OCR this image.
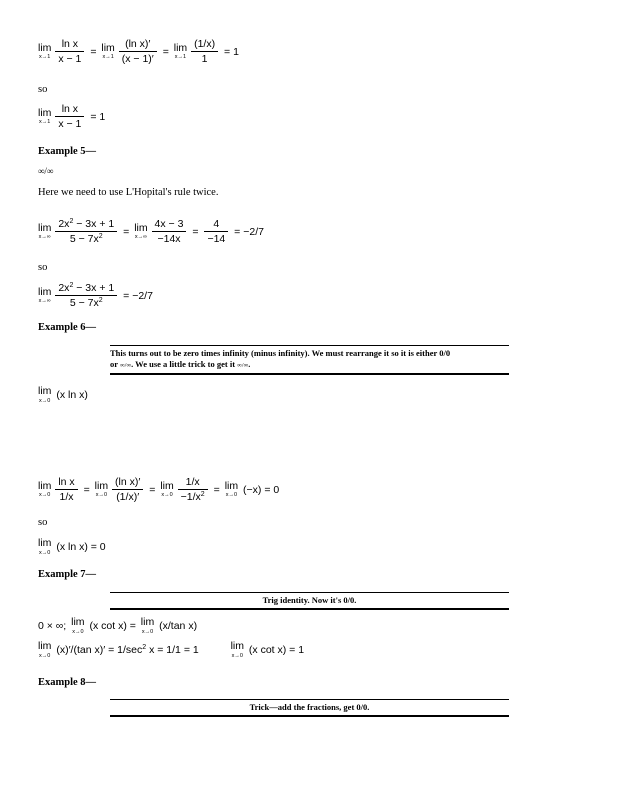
lim
x→1
$\frac{\text{ln x}}{x - 1} = \lim$
x→1
$\frac{\text{(ln x)′}}{(x - 1)'} = \lim$
x→1
$\frac{(1/x)}{1} = 1$
so
lim
x→1
$\frac{\text{ln x}}{x - 1} = 1$
Example 5—
∞/∞
Here we need to use L'Hopital's rule twice.
lim
x→∞
$\frac{2x^2 - 3x + 1}{5 - 7x^2} = \lim$
x→∞
$\frac{4x - 3}{-14x} = \frac{4}{-14} = -2/7$
so
lim
x→∞
$\frac{2x^2 - 3x + 1}{5 - 7x^2} = -2/7$
Example 6—
This turns out to be zero times infinity (minus infinity). We must rearrange it so it is either 0/0
or ∞/∞. We use a little trick to get it ∞/∞.
lim
x→0 (x ln x)
lim
x→0
$\frac{\text{ln x}}{1/x} = \lim$
x→0
$\frac{\text{(ln x)′}}{(1/x)'} = \lim$
x→0
$\frac{1/x}{-1/x^2} = \lim$
x→0 (−x) = 0
so
lim
x→0 (x ln x) = 0
Example 7—
Trig identity. Now it's 0/0.
0 × ∞; lim
x→0 (x cot x) = lim
x→0 (x/tan x)
lim
x→0 (x)′/(tan $x)' = 1/\sec^2$ x = 1/1 = 1	lim
x→0 (x cot x) = 1
Example 8—
Trick—add the fractions, get 0/0.
